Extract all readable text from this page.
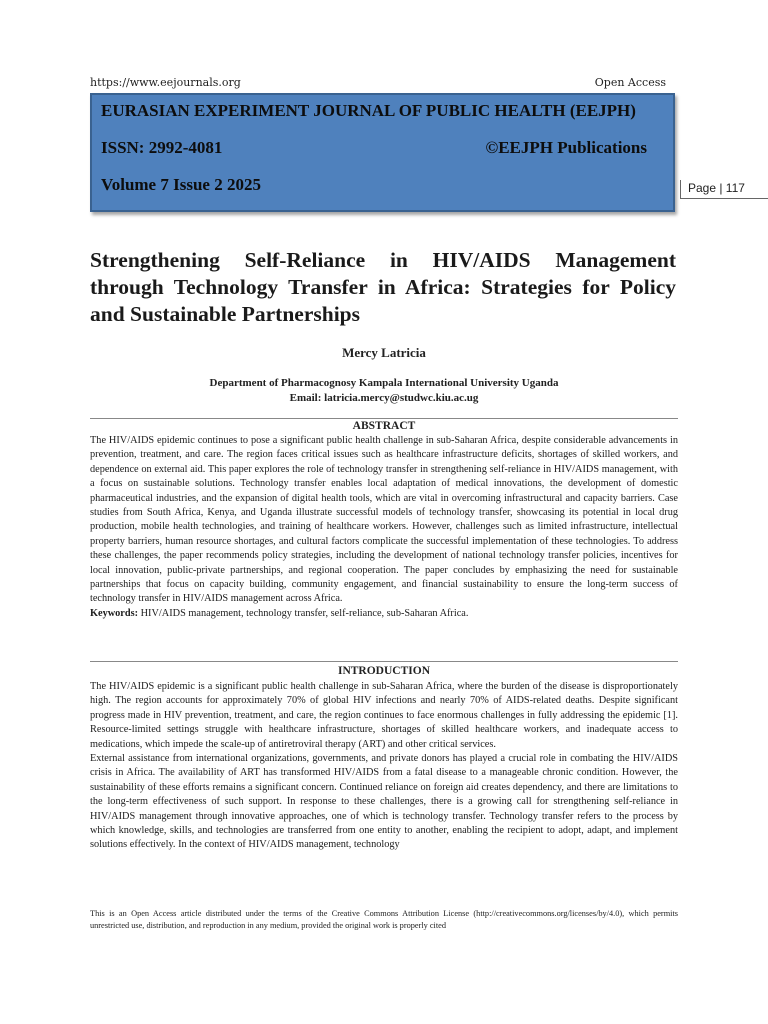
https://www.eejournals.org	Open Access
EURASIAN EXPERIMENT JOURNAL OF PUBLIC HEALTH (EEJPH)
ISSN: 2992-4081	©EEJPH Publications
Volume 7 Issue 2 2025	Page | 117
Strengthening Self-Reliance in HIV/AIDS Management through Technology Transfer in Africa: Strategies for Policy and Sustainable Partnerships
Mercy Latricia
Department of Pharmacognosy Kampala International University Uganda
Email: latricia.mercy@studwc.kiu.ac.ug
ABSTRACT

The HIV/AIDS epidemic continues to pose a significant public health challenge in sub-Saharan Africa, despite considerable advancements in prevention, treatment, and care. The region faces critical issues such as healthcare infrastructure deficits, shortages of skilled workers, and dependence on external aid. This paper explores the role of technology transfer in strengthening self-reliance in HIV/AIDS management, with a focus on sustainable solutions. Technology transfer enables local adaptation of medical innovations, the development of domestic pharmaceutical industries, and the expansion of digital health tools, which are vital in overcoming infrastructural and capacity barriers. Case studies from South Africa, Kenya, and Uganda illustrate successful models of technology transfer, showcasing its potential in local drug production, mobile health technologies, and training of healthcare workers. However, challenges such as limited infrastructure, intellectual property barriers, human resource shortages, and cultural factors complicate the successful implementation of these technologies. To address these challenges, the paper recommends policy strategies, including the development of national technology transfer policies, incentives for local innovation, public-private partnerships, and regional cooperation. The paper concludes by emphasizing the need for sustainable partnerships that focus on capacity building, community engagement, and financial sustainability to ensure the long-term success of technology transfer in HIV/AIDS management across Africa.

Keywords: HIV/AIDS management, technology transfer, self-reliance, sub-Saharan Africa.

INTRODUCTION

The HIV/AIDS epidemic is a significant public health challenge in sub-Saharan Africa, where the burden of the disease is disproportionately high. The region accounts for approximately 70% of global HIV infections and nearly 70% of AIDS-related deaths. Despite significant progress made in HIV prevention, treatment, and care, the region continues to face enormous challenges in fully addressing the epidemic [1]. Resource-limited settings struggle with healthcare infrastructure, shortages of skilled healthcare workers, and inadequate access to medications, which impede the scale-up of antiretroviral therapy (ART) and other critical services.

External assistance from international organizations, governments, and private donors has played a crucial role in combating the HIV/AIDS crisis in Africa. The availability of ART has transformed HIV/AIDS from a fatal disease to a manageable chronic condition. However, the sustainability of these efforts remains a significant concern. Continued reliance on foreign aid creates dependency, and there are limitations to the long-term effectiveness of such support. In response to these challenges, there is a growing call for strengthening self-reliance in HIV/AIDS management through innovative approaches, one of which is technology transfer. Technology transfer refers to the process by which knowledge, skills, and technologies are transferred from one entity to another, enabling the recipient to adopt, adapt, and implement solutions effectively. In the context of HIV/AIDS management, technology

This is an Open Access article distributed under the terms of the Creative Commons Attribution License (http://creativecommons.org/licenses/by/4.0), which permits unrestricted use, distribution, and reproduction in any medium, provided the original work is properly cited
